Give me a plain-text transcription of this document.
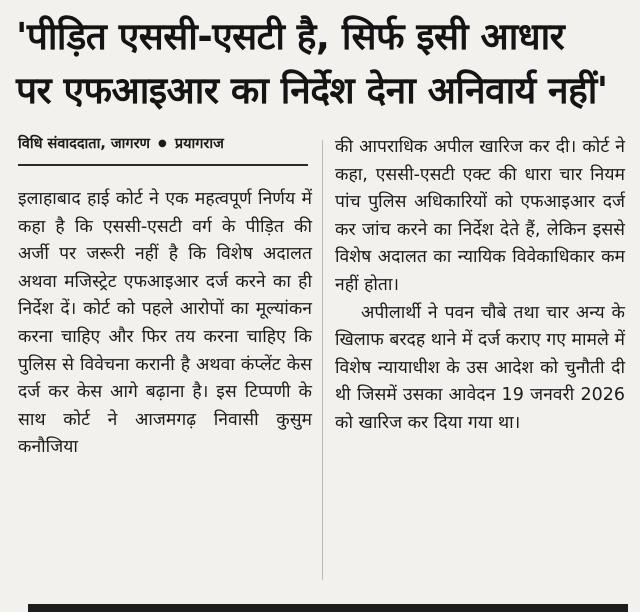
'पीड़ित एससी-एसटी है, सिर्फ इसी आधार
पर एफआइआर का निर्देश देना अनिवार्य नहीं'
विधि संवाददाता, जागरण ● प्रयागराज

इलाहाबाद हाई कोर्ट ने एक महत्वपूर्ण निर्णय में कहा है कि एससी-एसटी वर्ग के पीड़ित की अर्जी पर जरूरी नहीं है कि विशेष अदालत अथवा मजिस्ट्रेट एफआइआर दर्ज करने का ही निर्देश दें। कोर्ट को पहले आरोपों का मूल्यांकन करना चाहिए और फिर तय करना चाहिए कि पुलिस से विवेचना करानी है अथवा कंप्लेंट केस दर्ज कर केस आगे बढ़ाना है। इस टिप्पणी के साथ कोर्ट ने आजमगढ़ निवासी कुसुम कनौजिया

की आपराधिक अपील खारिज कर दी। कोर्ट ने कहा, एससी-एसटी एक्ट की धारा चार नियम पांच पुलिस अधिकारियों को एफआइआर दर्ज कर जांच करने का निर्देश देते हैं, लेकिन इससे विशेष अदालत का न्यायिक विवेकाधिकार कम नहीं होता।

अपीलार्थी ने पवन चौबे तथा चार अन्य के खिलाफ बरदह थाने में दर्ज कराए गए मामले में विशेष न्यायाधीश के उस आदेश को चुनौती दी थी जिसमें उसका आवेदन 19 जनवरी 2026 को खारिज कर दिया गया था।
